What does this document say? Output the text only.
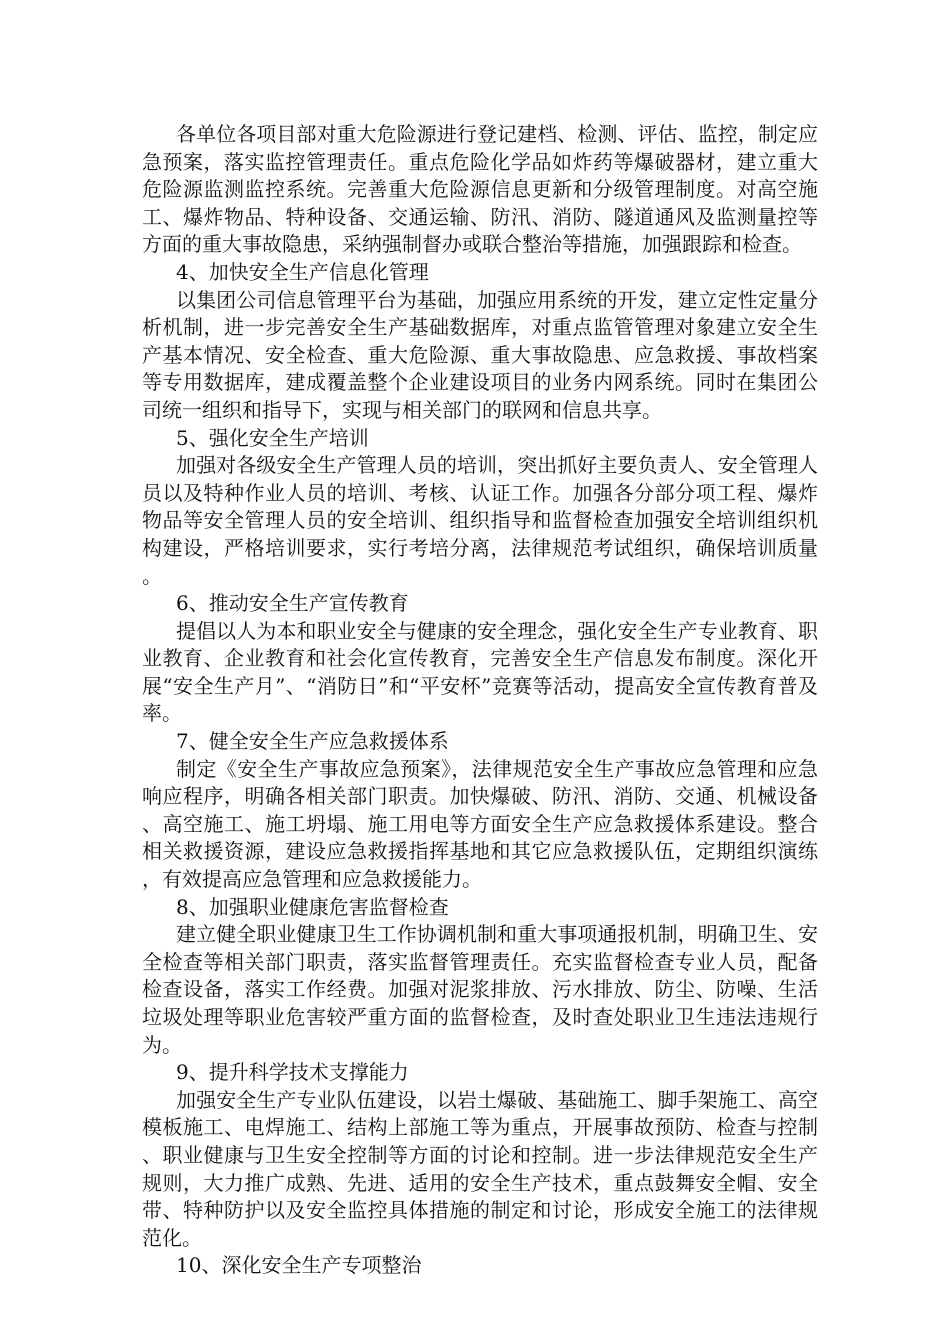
各单位各项目部对重大危险源进行登记建档、检测、评估、监控，制定应急预案，落实监控管理责任。重点危险化学品如炸药等爆破器材，建立重大危险源监测监控系统。完善重大危险源信息更新和分级管理制度。对高空施工、爆炸物品、特种设备、交通运输、防汛、消防、隧道通风及监测量控等方面的重大事故隐患，采纳强制督办或联合整治等措施，加强跟踪和检查。

4、加快安全生产信息化管理

以集团公司信息管理平台为基础，加强应用系统的开发，建立定性定量分析机制，进一步完善安全生产基础数据库，对重点监管管理对象建立安全生产基本情况、安全检查、重大危险源、重大事故隐患、应急救援、事故档案等专用数据库，建成覆盖整个企业建设项目的业务内网系统。同时在集团公司统一组织和指导下，实现与相关部门的联网和信息共享。

5、强化安全生产培训

加强对各级安全生产管理人员的培训，突出抓好主要负责人、安全管理人员以及特种作业人员的培训、考核、认证工作。加强各分部分项工程、爆炸物品等安全管理人员的安全培训、组织指导和监督检查加强安全培训组织机构建设，严格培训要求，实行考培分离，法律规范考试组织，确保培训质量。

6、推动安全生产宣传教育

提倡以人为本和职业安全与健康的安全理念，强化安全生产专业教育、职业教育、企业教育和社会化宣传教育，完善安全生产信息发布制度。深化开展“安全生产月”、“消防日”和“平安杯”竞赛等活动，提高安全宣传教育普及率。

7、健全安全生产应急救援体系

制定《安全生产事故应急预案》，法律规范安全生产事故应急管理和应急响应程序，明确各相关部门职责。加快爆破、防汛、消防、交通、机械设备、高空施工、施工坍塌、施工用电等方面安全生产应急救援体系建设。整合相关救援资源，建设应急救援指挥基地和其它应急救援队伍，定期组织演练，有效提高应急管理和应急救援能力。

8、加强职业健康危害监督检查

建立健全职业健康卫生工作协调机制和重大事项通报机制，明确卫生、安全检查等相关部门职责，落实监督管理责任。充实监督检查专业人员，配备检查设备，落实工作经费。加强对泥浆排放、污水排放、防尘、防噪、生活垃圾处理等职业危害较严重方面的监督检查，及时查处职业卫生违法违规行为。

9、提升科学技术支撑能力

加强安全生产专业队伍建设，以岩土爆破、基础施工、脚手架施工、高空模板施工、电焊施工、结构上部施工等为重点，开展事故预防、检查与控制、职业健康与卫生安全控制等方面的讨论和控制。进一步法律规范安全生产规则，大力推广成熟、先进、适用的安全生产技术，重点鼓舞安全帽、安全带、特种防护以及安全监控具体措施的制定和讨论，形成安全施工的法律规范化。

10、深化安全生产专项整治
